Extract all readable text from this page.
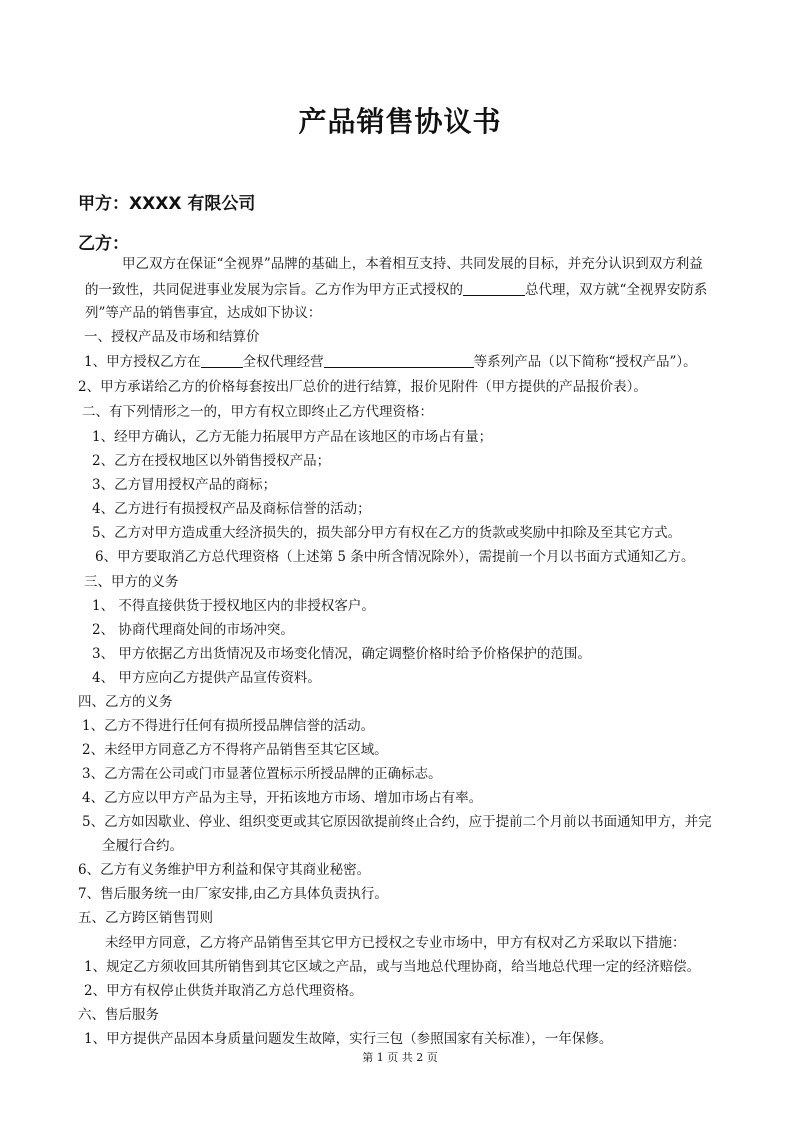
产品销售协议书
甲方：XXXX 有限公司
乙方：
甲乙双方在保证“全视界”品牌的基础上，本着相互支持、共同发展的目标，并充分认识到双方利益
的一致性，共同促进事业发展为宗旨。乙方作为甲方正式授权的	总代理，双方就“全视界安防系
列”等产品的销售事宜，达成如下协议：
一、授权产品及市场和结算价
1、甲方授权乙方在	全权代理经营	等系列产品（以下简称“授权产品”）。
2、甲方承诺给乙方的价格每套按出厂总价的进行结算，报价见附件（甲方提供的产品报价表）。
二、有下列情形之一的，甲方有权立即终止乙方代理资格：
1、经甲方确认，乙方无能力拓展甲方产品在该地区的市场占有量；
2、乙方在授权地区以外销售授权产品；
3、乙方冒用授权产品的商标；
4、乙方进行有损授权产品及商标信誉的活动；
5、乙方对甲方造成重大经济损失的，损失部分甲方有权在乙方的货款或奖励中扣除及至其它方式。
6、甲方要取消乙方总代理资格（上述第 5 条中所含情况除外），需提前一个月以书面方式通知乙方。
三、甲方的义务
1、 不得直接供货于授权地区内的非授权客户。
2、 协商代理商处间的市场冲突。
3、 甲方依据乙方出货情况及市场变化情况，确定调整价格时给予价格保护的范围。
4、 甲方应向乙方提供产品宣传资料。
四、乙方的义务
1、乙方不得进行任何有损所授品牌信誉的活动。
2、未经甲方同意乙方不得将产品销售至其它区域。
3、乙方需在公司或门市显著位置标示所授品牌的正确标志。
4、乙方应以甲方产品为主导，开拓该地方市场、增加市场占有率。
5、乙方如因歇业、停业、组织变更或其它原因欲提前终止合约，应于提前二个月前以书面通知甲方，并完
全履行合约。
6、乙方有义务维护甲方利益和保守其商业秘密。
7、售后服务统一由厂家安排,由乙方具体负责执行。
五、乙方跨区销售罚则
未经甲方同意，乙方将产品销售至其它甲方已授权之专业市场中，甲方有权对乙方采取以下措施：
1、规定乙方须收回其所销售到其它区域之产品，或与当地总代理协商，给当地总代理一定的经济赔偿。
2、甲方有权停止供货并取消乙方总代理资格。
六、售后服务
1、甲方提供产品因本身质量问题发生故障，实行三包（参照国家有关标准），一年保修。
第 1 页 共 2 页
